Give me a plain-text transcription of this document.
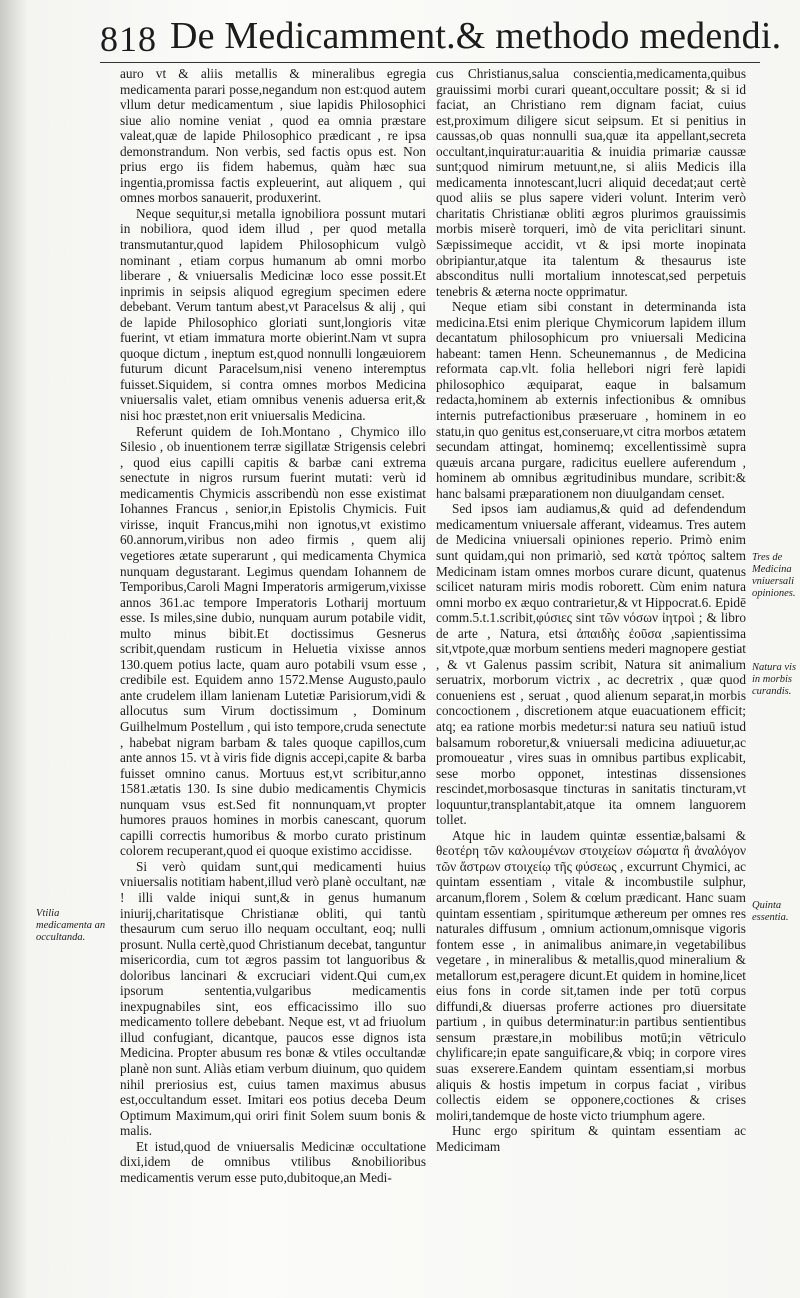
818 De Medicamment.& methodo medendi.

auro vt & aliis metallis & mineralibus egregia medicamenta parari posse,negandum non est:quod autem vllum detur medicamentum , siue lapidis Philosophici siue alio nomine veniat , quod ea omnia præstare valeat,quæ de lapide Philosophico prædicant , re ipsa demonstrandum. Non verbis, sed factis opus est. Non prius ergo iis fidem habemus, quàm hæc sua ingentia,promissa factis expleuerint, aut aliquem , qui omnes morbos sanauerit, produxerint.

Neque sequitur,si metalla ignobiliora possunt mutari in nobiliora, quod idem illud , per quod metalla transmutantur,quod lapidem Philosophicum vulgò nominant , etiam corpus humanum ab omni morbo liberare , & vniuersalis Medicinæ loco esse possit.Et inprimis in seipsis aliquod egregium specimen edere debebant. Verum tantum abest,vt Paracelsus & alij , qui de lapide Philosophico gloriati sunt,longioris vitæ fuerint, vt etiam immatura morte obierint.Nam vt supra quoque dictum , ineptum est,quod nonnulli longæuiorem futurum dicunt Paracelsum,nisi veneno interemptus fuisset.Siquidem, si contra omnes morbos Medicina vniuersalis valet, etiam omnibus venenis aduersa erit,& nisi hoc præstet,non erit vniuersalis Medicina.

Referunt quidem de Ioh.Montano , Chymico illo Silesio , ob inuentionem terræ sigillatæ Strigensis celebri , quod eius capilli capitis & barbæ cani extrema senectute in nigros rursum fuerint mutati: verù id medicamentis Chymicis asscribendù non esse existimat Iohannes Francus , senior,in Epistolis Chymicis. Fuit virisse, inquit Francus,mihi non ignotus,vt existimo 60.annorum,viribus non adeo firmis , quem alij vegetiores ætate superarunt , qui medicamenta Chymica nunquam degustarant. Legimus quendam Iohannem de Temporibus,Caroli Magni Imperatoris armigerum,vixisse annos 361.ac tempore Imperatoris Lotharij mortuum esse. Is miles,sine dubio, nunquam aurum potabile vidit, multo minus bibit.Et doctissimus Gesnerus scribit,quendam rusticum in Heluetia vixisse annos 130.quem potius lacte, quam auro potabili vsum esse , credibile est. Equidem anno 1572.Mense Augusto,paulo ante crudelem illam lanienam Lutetiæ Parisiorum,vidi & allocutus sum Virum doctissimum , Dominum Guilhelmum Postellum , qui isto tempore,cruda senectute , habebat nigram barbam & tales quoque capillos,cum ante annos 15. vt à viris fide dignis accepi,capite & barba fuisset omnino canus. Mortuus est,vt scribitur,anno 1581.ætatis 130. Is sine dubio medicamentis Chymicis nunquam vsus est.Sed fit nonnunquam,vt propter humores prauos homines in morbis canescant, quorum capilli correctis humoribus & morbo curato pristinum colorem recuperant,quod ei quoque existimo accidisse.

Si verò quidam sunt,qui medicamenti huius vniuersalis notitiam habent,illud verò planè occultant, næ ! illi valde iniqui sunt,& in genus humanum iniurij,charitatisque Christianæ obliti, qui tantù thesaurum cum seruo illo nequam occultant, eoq; nulli prosunt. Nulla certè,quod Christianum decebat, tanguntur misericordia, cum tot ægros passim tot languoribus & doloribus lancinari & excruciari vident.Qui cum,ex ipsorum sententia,vulgaribus medicamentis inexpugnabiles sint, eos efficacissimo illo suo medicamento tollere debebant. Neque est, vt ad friuolum illud confugiant, dicantque, paucos esse dignos ista Medicina. Propter abusum res bonæ & vtiles occultandæ planè non sunt. Aliàs etiam verbum diuinum, quo quidem nihil preriosius est, cuius tamen maximus abusus est,occultandum esset. Imitari eos potius deceba Deum Optimum Maximum,qui oriri finit Solem suum bonis & malis.

Et istud,quod de vniuersalis Medicinæ occultatione dixi,idem de omnibus vtilibus &nobilioribus medicamentis verum esse puto,dubitoque,an Medi-

cus Christianus,salua conscientia,medicamenta,quibus grauissimi morbi curari queant,occultare possit; & si id faciat, an Christiano rem dignam faciat, cuius est,proximum diligere sicut seipsum. Et si penitius in caussas,ob quas nonnulli sua,quæ ita appellant,secreta occultant,inquiratur:auaritia & inuidia primariæ caussæ sunt;quod nimirum metuunt,ne, si aliis Medicis illa medicamenta innotescant,lucri aliquid decedat;aut certè quod aliis se plus sapere videri volunt. Interim verò charitatis Christianæ obliti ægros plurimos grauissimis morbis miserè torqueri, imò de vita periclitari sinunt. Sæpissimeque accidit, vt & ipsi morte inopinata obripiantur,atque ita talentum & thesaurus iste absconditus nulli mortalium innotescat,sed perpetuis tenebris & æterna nocte opprimatur.

Neque etiam sibi constant in determinanda ista medicina.Etsi enim plerique Chymicorum lapidem illum decantatum philosophicum pro vniuersali Medicina habeant: tamen Henn. Scheunemannus , de Medicina reformata cap.vlt. folia hellebori nigri ferè lapidi philosophico æquiparat, eaque in balsamum redacta,hominem ab externis infectionibus & omnibus internis putrefactionibus præseruare , hominem in eo statu,in quo genitus est,conseruare,vt citra morbos ætatem secundam attingat, hominemq; excellentissimè supra quæuis arcana purgare, radicitus euellere auferendum , hominem ab omnibus ægritudinibus mundare, scribit:& hanc balsami præparationem non diuulgandam censet.

Sed ipsos iam audiamus,& quid ad defendendum medicamentum vniuersale afferant, videamus. Tres autem de Medicina vniuersali opiniones reperio. Primò enim sunt quidam,qui non primariò, sed κατὰ τρόπος saltem Medicinam istam omnes morbos curare dicunt, quatenus scilicet naturam miris modis roborett. Cùm enim natura omni morbo ex æquo contrarietur,& vt Hippocrat.6. Epidē comm.5.t.1.scribit,φύσιες sint τῶν νόσων ἰητροὶ ; & libro de arte , Natura, etsi ἀπαιδὴς ἐοῦσα ,sapientissima sit,vtpote,quæ morbum sentiens mederi magnopere gestiat , & vt Galenus passim scribit, Natura sit animalium seruatrix, morborum victrix , ac decretrix , quæ quod conueniens est , seruat , quod alienum separat,in morbis concoctionem , discretionem atque euacuationem efficit; atq; ea ratione morbis medetur:si natura seu natiuū istud balsamum roboretur,& vniuersali medicina adiuuetur,ac promoueatur , vires suas in omnibus partibus explicabit, sese morbo opponet, intestinas dissensiones rescindet,morbosasque tincturas in sanitatis tincturam,vt loquuntur,transplantabit,atque ita omnem languorem tollet.

Atque hic in laudem quintæ essentiæ,balsami & θεοτέρη τῶν καλουμένων στοιχείων σώματα ἢ ἀναλόγον τῶν ἄστρων στοιχείῳ τῆς φύσεως , excurrunt Chymici, ac quintam essentiam , vitale & incombustile sulphur, arcanum,florem , Solem & cœlum prædicant. Hanc suam quintam essentiam , spiritumque æthereum per omnes res naturales diffusum , omnium actionum,omnisque vigoris fontem esse , in animalibus animare,in vegetabilibus vegetare , in mineralibus & metallis,quod mineralium & metallorum est,peragere dicunt.Et quidem in homine,licet eius fons in corde sit,tamen inde per totū corpus diffundi,& diuersas proferre actiones pro diuersitate partium , in quibus determinatur:in partibus sentientibus sensum præstare,in mobilibus motū;in vētriculo chylificare;in epate sanguificare,& vbiq; in corpore vires suas exserere.Eandem quintam essentiam,si morbus aliquis & hostis impetum in corpus faciat , viribus collectis eidem se opponere,coctiones & crises moliri,tandemque de hoste victo triumphum agere.

Hunc ergo spiritum & quintam essentiam ac Medicimam

Vtilia medicamenta an occultanda.
Tres de Medicina vniuersali opiniones.
Natura vis in morbis curandis.
Quinta essentia.
